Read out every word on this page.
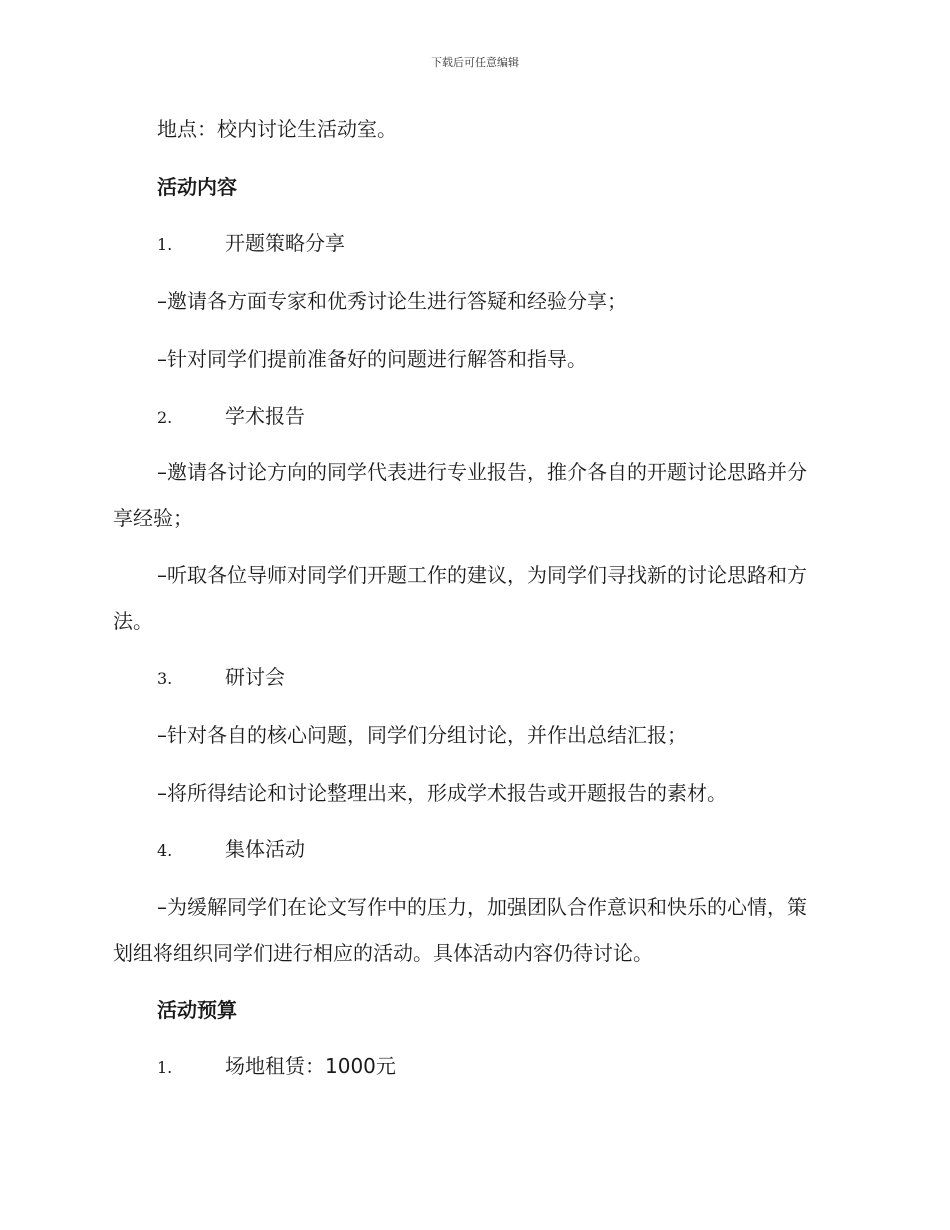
下载后可任意编辑
地点：校内讨论生活动室。
活动内容
1.	开题策略分享
–邀请各方面专家和优秀讨论生进行答疑和经验分享；
–针对同学们提前准备好的问题进行解答和指导。
2.	学术报告
–邀请各讨论方向的同学代表进行专业报告，推介各自的开题讨论思路并分享经验；
–听取各位导师对同学们开题工作的建议，为同学们寻找新的讨论思路和方法。
3.	研讨会
–针对各自的核心问题，同学们分组讨论，并作出总结汇报；
–将所得结论和讨论整理出来，形成学术报告或开题报告的素材。
4.	集体活动
–为缓解同学们在论文写作中的压力，加强团队合作意识和快乐的心情，策划组将组织同学们进行相应的活动。具体活动内容仍待讨论。
活动预算
1.	场地租赁：1000元
